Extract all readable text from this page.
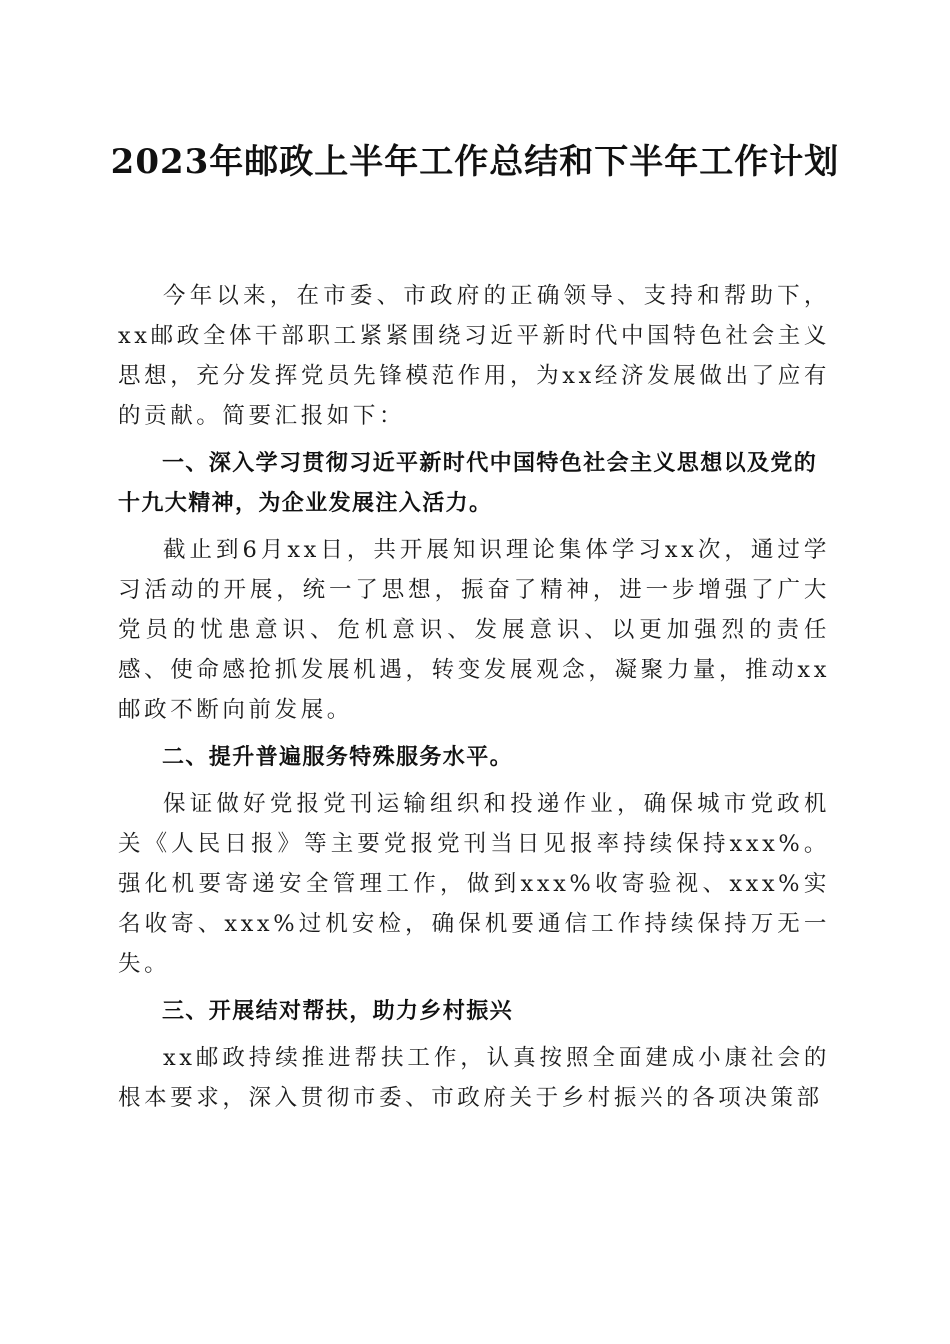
2023年邮政上半年工作总结和下半年工作计划

今年以来，在市委、市政府的正确领导、支持和帮助下，xx邮政全体干部职工紧紧围绕习近平新时代中国特色社会主义思想，充分发挥党员先锋模范作用，为xx经济发展做出了应有的贡献。简要汇报如下：

一、深入学习贯彻习近平新时代中国特色社会主义思想以及党的十九大精神，为企业发展注入活力。

截止到6月xx日，共开展知识理论集体学习xx次，通过学习活动的开展，统一了思想，振奋了精神，进一步增强了广大党员的忧患意识、危机意识、发展意识、以更加强烈的责任感、使命感抢抓发展机遇，转变发展观念，凝聚力量，推动xx邮政不断向前发展。

二、提升普遍服务特殊服务水平。

保证做好党报党刊运输组织和投递作业，确保城市党政机关《人民日报》等主要党报党刊当日见报率持续保持xxx%。强化机要寄递安全管理工作，做到xxx%收寄验视、xxx%实名收寄、xxx%过机安检，确保机要通信工作持续保持万无一失。

三、开展结对帮扶，助力乡村振兴

xx邮政持续推进帮扶工作，认真按照全面建成小康社会的根本要求，深入贯彻市委、市政府关于乡村振兴的各项决策部
